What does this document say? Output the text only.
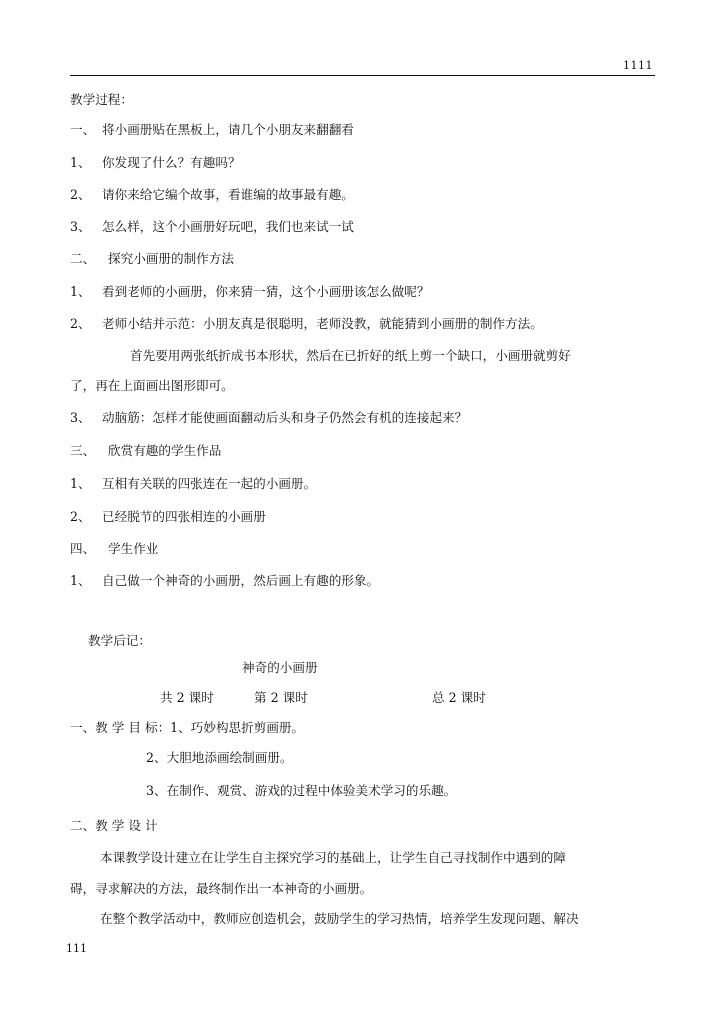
1111
教学过程：
一、 将小画册贴在黑板上，请几个小朋友来翻翻看
1、 你发现了什么？有趣吗？
2、 请你来给它编个故事，看谁编的故事最有趣。
3、 怎么样，这个小画册好玩吧，我们也来试一试
二、 探究小画册的制作方法
1、 看到老师的小画册，你来猜一猜，这个小画册该怎么做呢？
2、 老师小结并示范：小朋友真是很聪明，老师没教，就能猜到小画册的制作方法。
首先要用两张纸折成书本形状，然后在已折好的纸上剪一个缺口，小画册就剪好
了，再在上面画出图形即可。
3、 动脑筋：怎样才能使画面翻动后头和身子仍然会有机的连接起来？
三、 欣赏有趣的学生作品
1、 互相有关联的四张连在一起的小画册。
2、 已经脱节的四张相连的小画册
四、 学生作业
1、 自己做一个神奇的小画册，然后画上有趣的形象。
教学后记：
神奇的小画册
共 2 课时	第 2 课时	总 2 课时
一、教 学 目 标：1、巧妙构思折剪画册。
2、大胆地添画绘制画册。
3、在制作、观赏、游戏的过程中体验美术学习的乐趣。
二、教 学 设 计
本课教学设计建立在让学生自主探究学习的基础上，让学生自己寻找制作中遇到的障
碍，寻求解决的方法，最终制作出一本神奇的小画册。
在整个教学活动中，教师应创造机会，鼓励学生的学习热情，培养学生发现问题、解决
111
